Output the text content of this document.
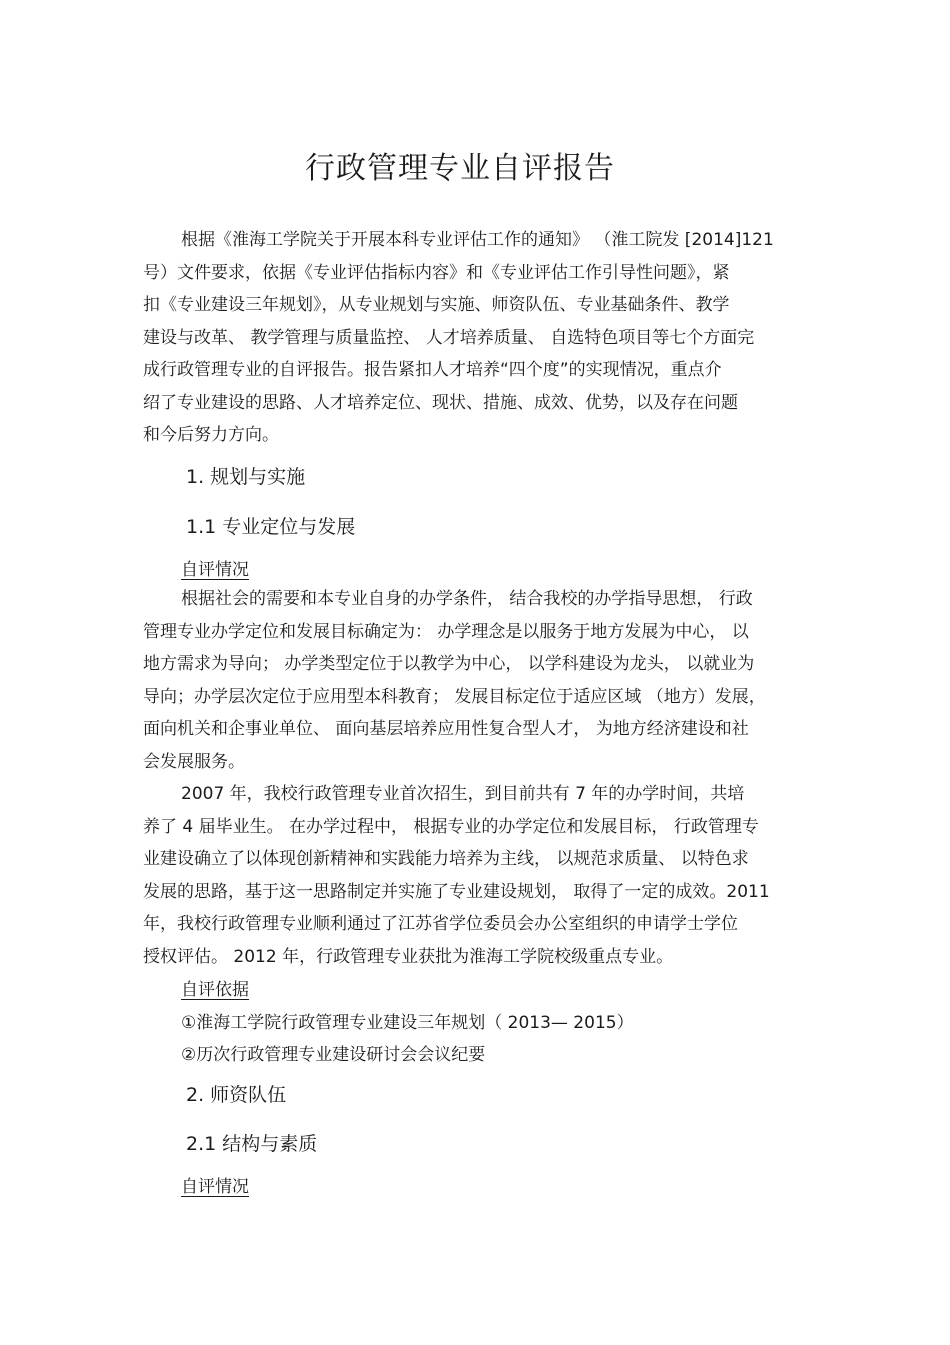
行政管理专业自评报告
根据《淮海工学院关于开展本科专业评估工作的通知》 （淮工院发 [2014]121
号）文件要求，依据《专业评估指标内容》和《专业评估工作引导性问题》，紧
扣《专业建设三年规划》，从专业规划与实施、师资队伍、专业基础条件、教学
建设与改革、 教学管理与质量监控、 人才培养质量、 自选特色项目等七个方面完
成行政管理专业的自评报告。报告紧扣人才培养“四个度”的实现情况，重点介
绍了专业建设的思路、人才培养定位、现状、措施、成效、优势，以及存在问题
和今后努力方向。
1. 规划与实施
1.1 专业定位与发展
自评情况
根据社会的需要和本专业自身的办学条件， 结合我校的办学指导思想， 行政
管理专业办学定位和发展目标确定为： 办学理念是以服务于地方发展为中心， 以
地方需求为导向； 办学类型定位于以教学为中心， 以学科建设为龙头， 以就业为
导向；办学层次定位于应用型本科教育； 发展目标定位于适应区域 （地方）发展，
面向机关和企事业单位、 面向基层培养应用性复合型人才， 为地方经济建设和社
会发展服务。
2007 年，我校行政管理专业首次招生，到目前共有 7 年的办学时间，共培
养了 4 届毕业生。 在办学过程中， 根据专业的办学定位和发展目标， 行政管理专
业建设确立了以体现创新精神和实践能力培养为主线， 以规范求质量、 以特色求
发展的思路，基于这一思路制定并实施了专业建设规划， 取得了一定的成效。2011
年，我校行政管理专业顺利通过了江苏省学位委员会办公室组织的申请学士学位
授权评估。 2012 年，行政管理专业获批为淮海工学院校级重点专业。
自评依据
①淮海工学院行政管理专业建设三年规划（ 2013— 2015）
②历次行政管理专业建设研讨会会议纪要
2. 师资队伍
2.1 结构与素质
自评情况
